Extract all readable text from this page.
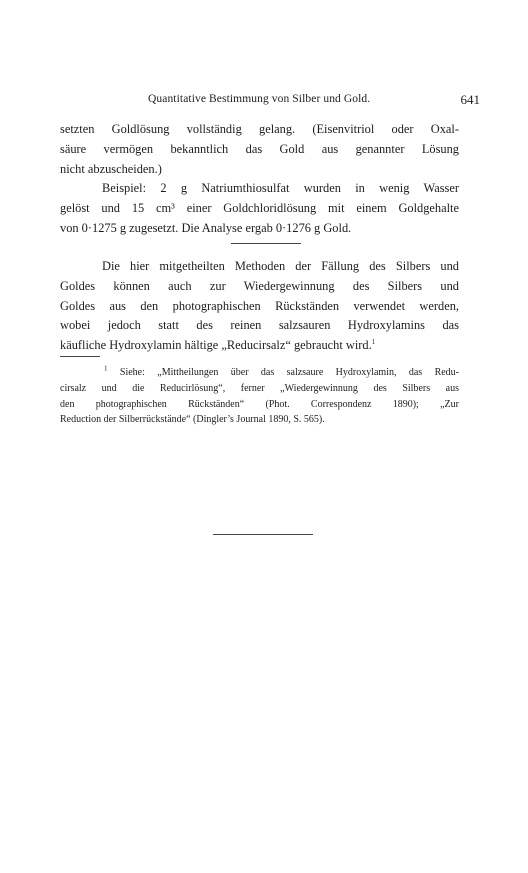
Quantitative Bestimmung von Silber und Gold.	641
setzten Goldlösung vollständig gelang. (Eisenvitriol oder Oxal-
säure vermögen bekanntlich das Gold aus genannter Lösung
nicht abzuscheiden.)
Beispiel: 2 g Natriumthiosulfat wurden in wenig Wasser
gelöst und 15 cm³ einer Goldchloridlösung mit einem Goldgehalte
von 0·1275 g zugesetzt. Die Analyse ergab 0·1276 g Gold.
Die hier mitgetheilten Methoden der Fällung des Silbers und
Goldes können auch zur Wiedergewinnung des Silbers und
Goldes aus den photographischen Rückständen verwendet werden,
wobei jedoch statt des reinen salzsauren Hydroxylamins das
käufliche Hydroxylamin hältige „Reducirsalz“ gebraucht wird.$^1$
$^1$ Siehe: „Mittheilungen über das salzsaure Hydroxylamin, das Redu-
cirsalz und die Reducirlösung“, ferner „Wiedergewinnung des Silbers aus
den photographischen Rückständen“ (Phot. Correspondenz 1890); „Zur
Reduction der Silberrückstände“ (Dingler’s Journal 1890, S. 565).
